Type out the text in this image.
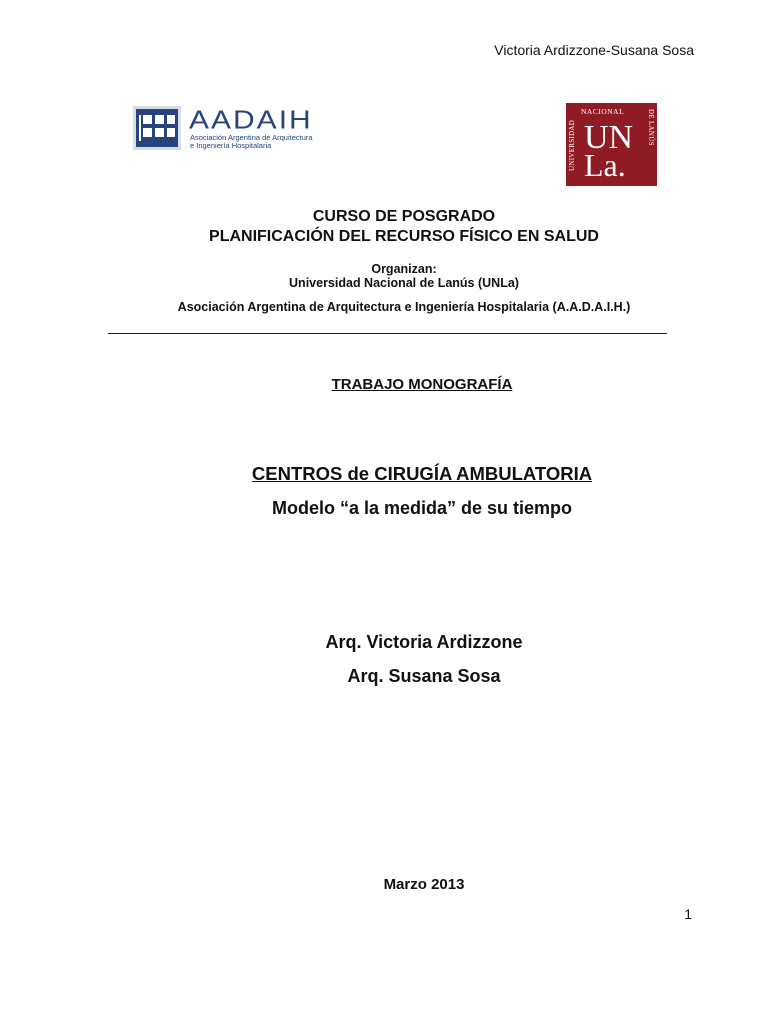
Victoria Ardizzone-Susana Sosa
AADAIH
Asociación Argentina de Arquitectura
e Ingeniería Hospitalaria	UNIVERSIDAD
NACIONAL	DE LANÚS
UN
La.
CURSO DE POSGRADO
PLANIFICACIÓN DEL RECURSO FÍSICO EN SALUD
Organizan:
Universidad Nacional de Lanús (UNLa)
Asociación Argentina de Arquitectura e Ingeniería Hospitalaria (A.A.D.A.I.H.)
TRABAJO MONOGRAFÍA
CENTROS de CIRUGÍA AMBULATORIA
Modelo “a la medida” de su tiempo
Arq. Victoria Ardizzone
Arq. Susana Sosa
Marzo 2013
1
